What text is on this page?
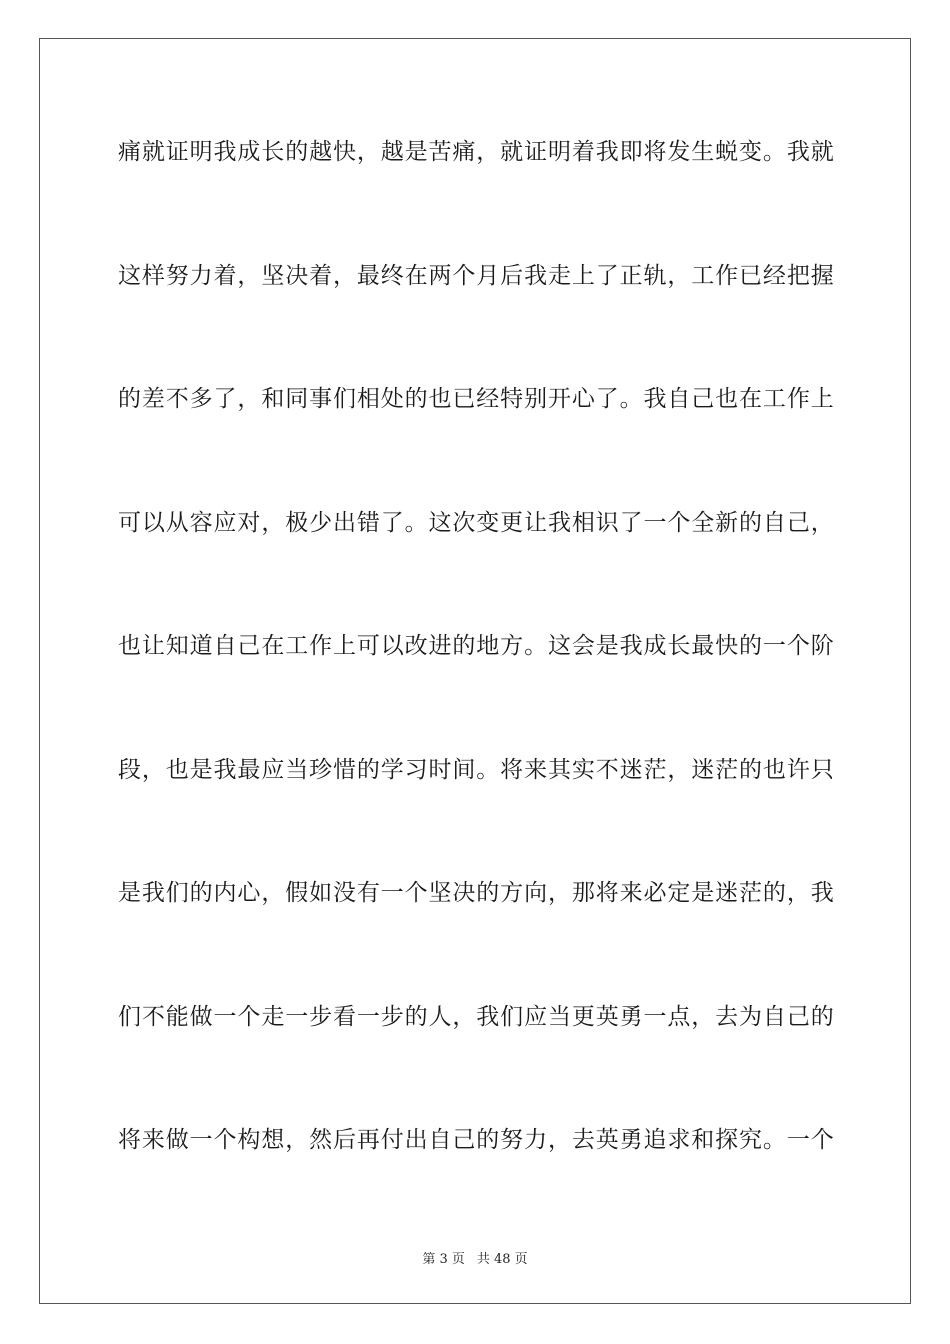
痛就证明我成长的越快，越是苦痛，就证明着我即将发生蜕变。我就
这样努力着，坚决着，最终在两个月后我走上了正轨，工作已经把握
的差不多了，和同事们相处的也已经特别开心了。我自己也在工作上
可以从容应对，极少出错了。这次变更让我相识了一个全新的自己，
也让知道自己在工作上可以改进的地方。这会是我成长最快的一个阶
段，也是我最应当珍惜的学习时间。将来其实不迷茫，迷茫的也许只
是我们的内心，假如没有一个坚决的方向，那将来必定是迷茫的，我
们不能做一个走一步看一步的人，我们应当更英勇一点，去为自己的
将来做一个构想，然后再付出自己的努力，去英勇追求和探究。一个
第 3 页 共 48 页
